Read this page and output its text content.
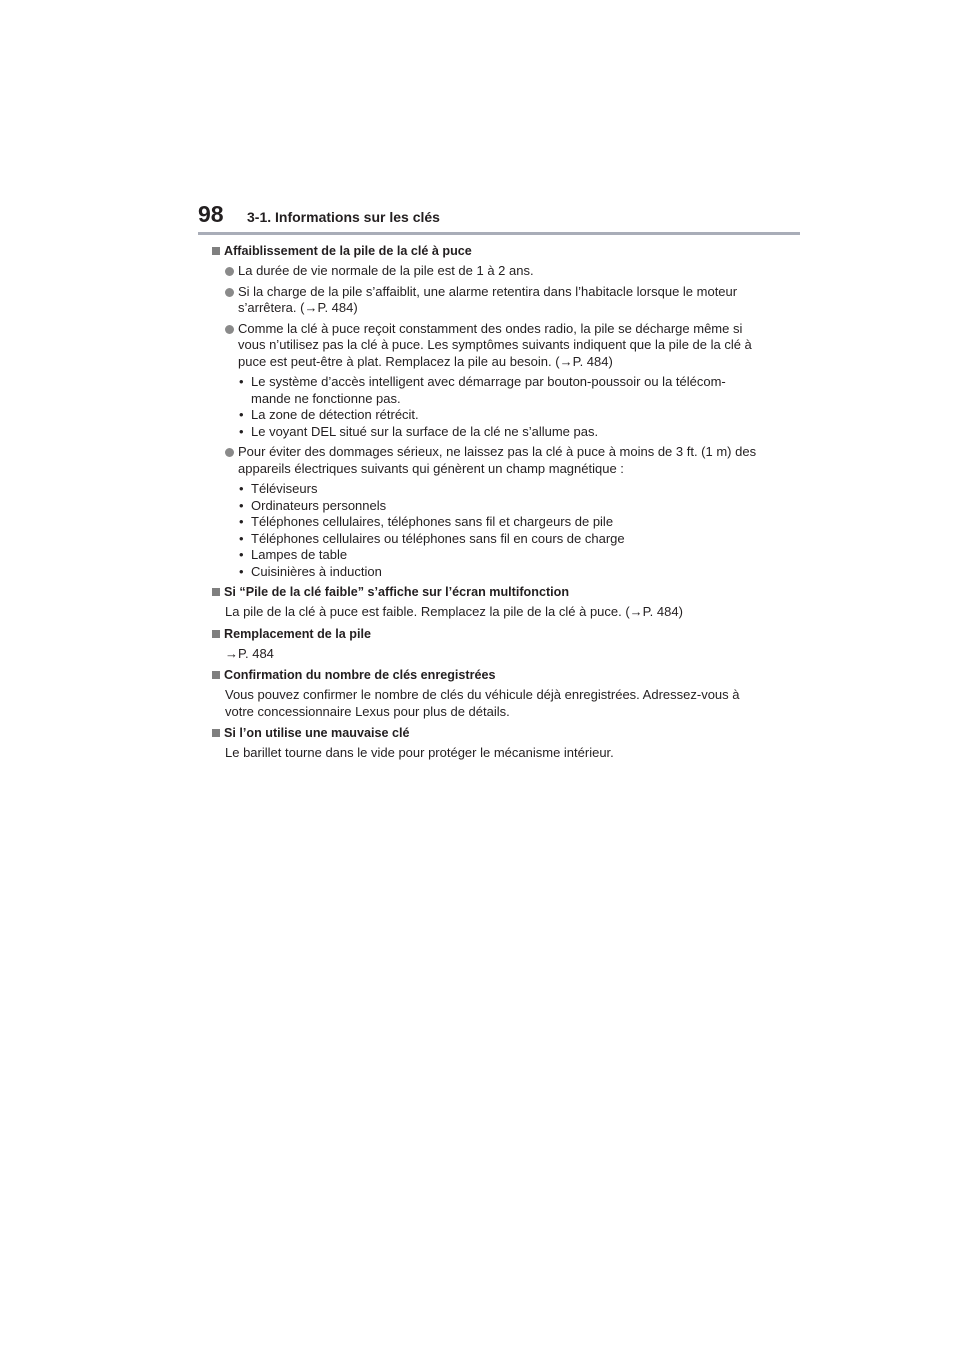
98 3-1. Informations sur les clés
Affaiblissement de la pile de la clé à puce
La durée de vie normale de la pile est de 1 à 2 ans.
Si la charge de la pile s’affaiblit, une alarme retentira dans l’habitacle lorsque le moteur s’arrêtera. (→P. 484)
Comme la clé à puce reçoit constamment des ondes radio, la pile se décharge même si vous n’utilisez pas la clé à puce. Les symptômes suivants indiquent que la pile de la clé à puce est peut-être à plat. Remplacez la pile au besoin. (→P. 484)
• Le système d’accès intelligent avec démarrage par bouton-poussoir ou la télécom- mande ne fonctionne pas.
• La zone de détection rétrécit.
• Le voyant DEL situé sur la surface de la clé ne s’allume pas.
Pour éviter des dommages sérieux, ne laissez pas la clé à puce à moins de 3 ft. (1 m) des appareils électriques suivants qui génèrent un champ magnétique :
• Téléviseurs
• Ordinateurs personnels
• Téléphones cellulaires, téléphones sans fil et chargeurs de pile
• Téléphones cellulaires ou téléphones sans fil en cours de charge
• Lampes de table
• Cuisinières à induction
Si “Pile de la clé faible” s’affiche sur l’écran multifonction
La pile de la clé à puce est faible. Remplacez la pile de la clé à puce. (→P. 484)
Remplacement de la pile
→P. 484
Confirmation du nombre de clés enregistrées
Vous pouvez confirmer le nombre de clés du véhicule déjà enregistrées. Adressez-vous à votre concessionnaire Lexus pour plus de détails.
Si l’on utilise une mauvaise clé
Le barillet tourne dans le vide pour protéger le mécanisme intérieur.
